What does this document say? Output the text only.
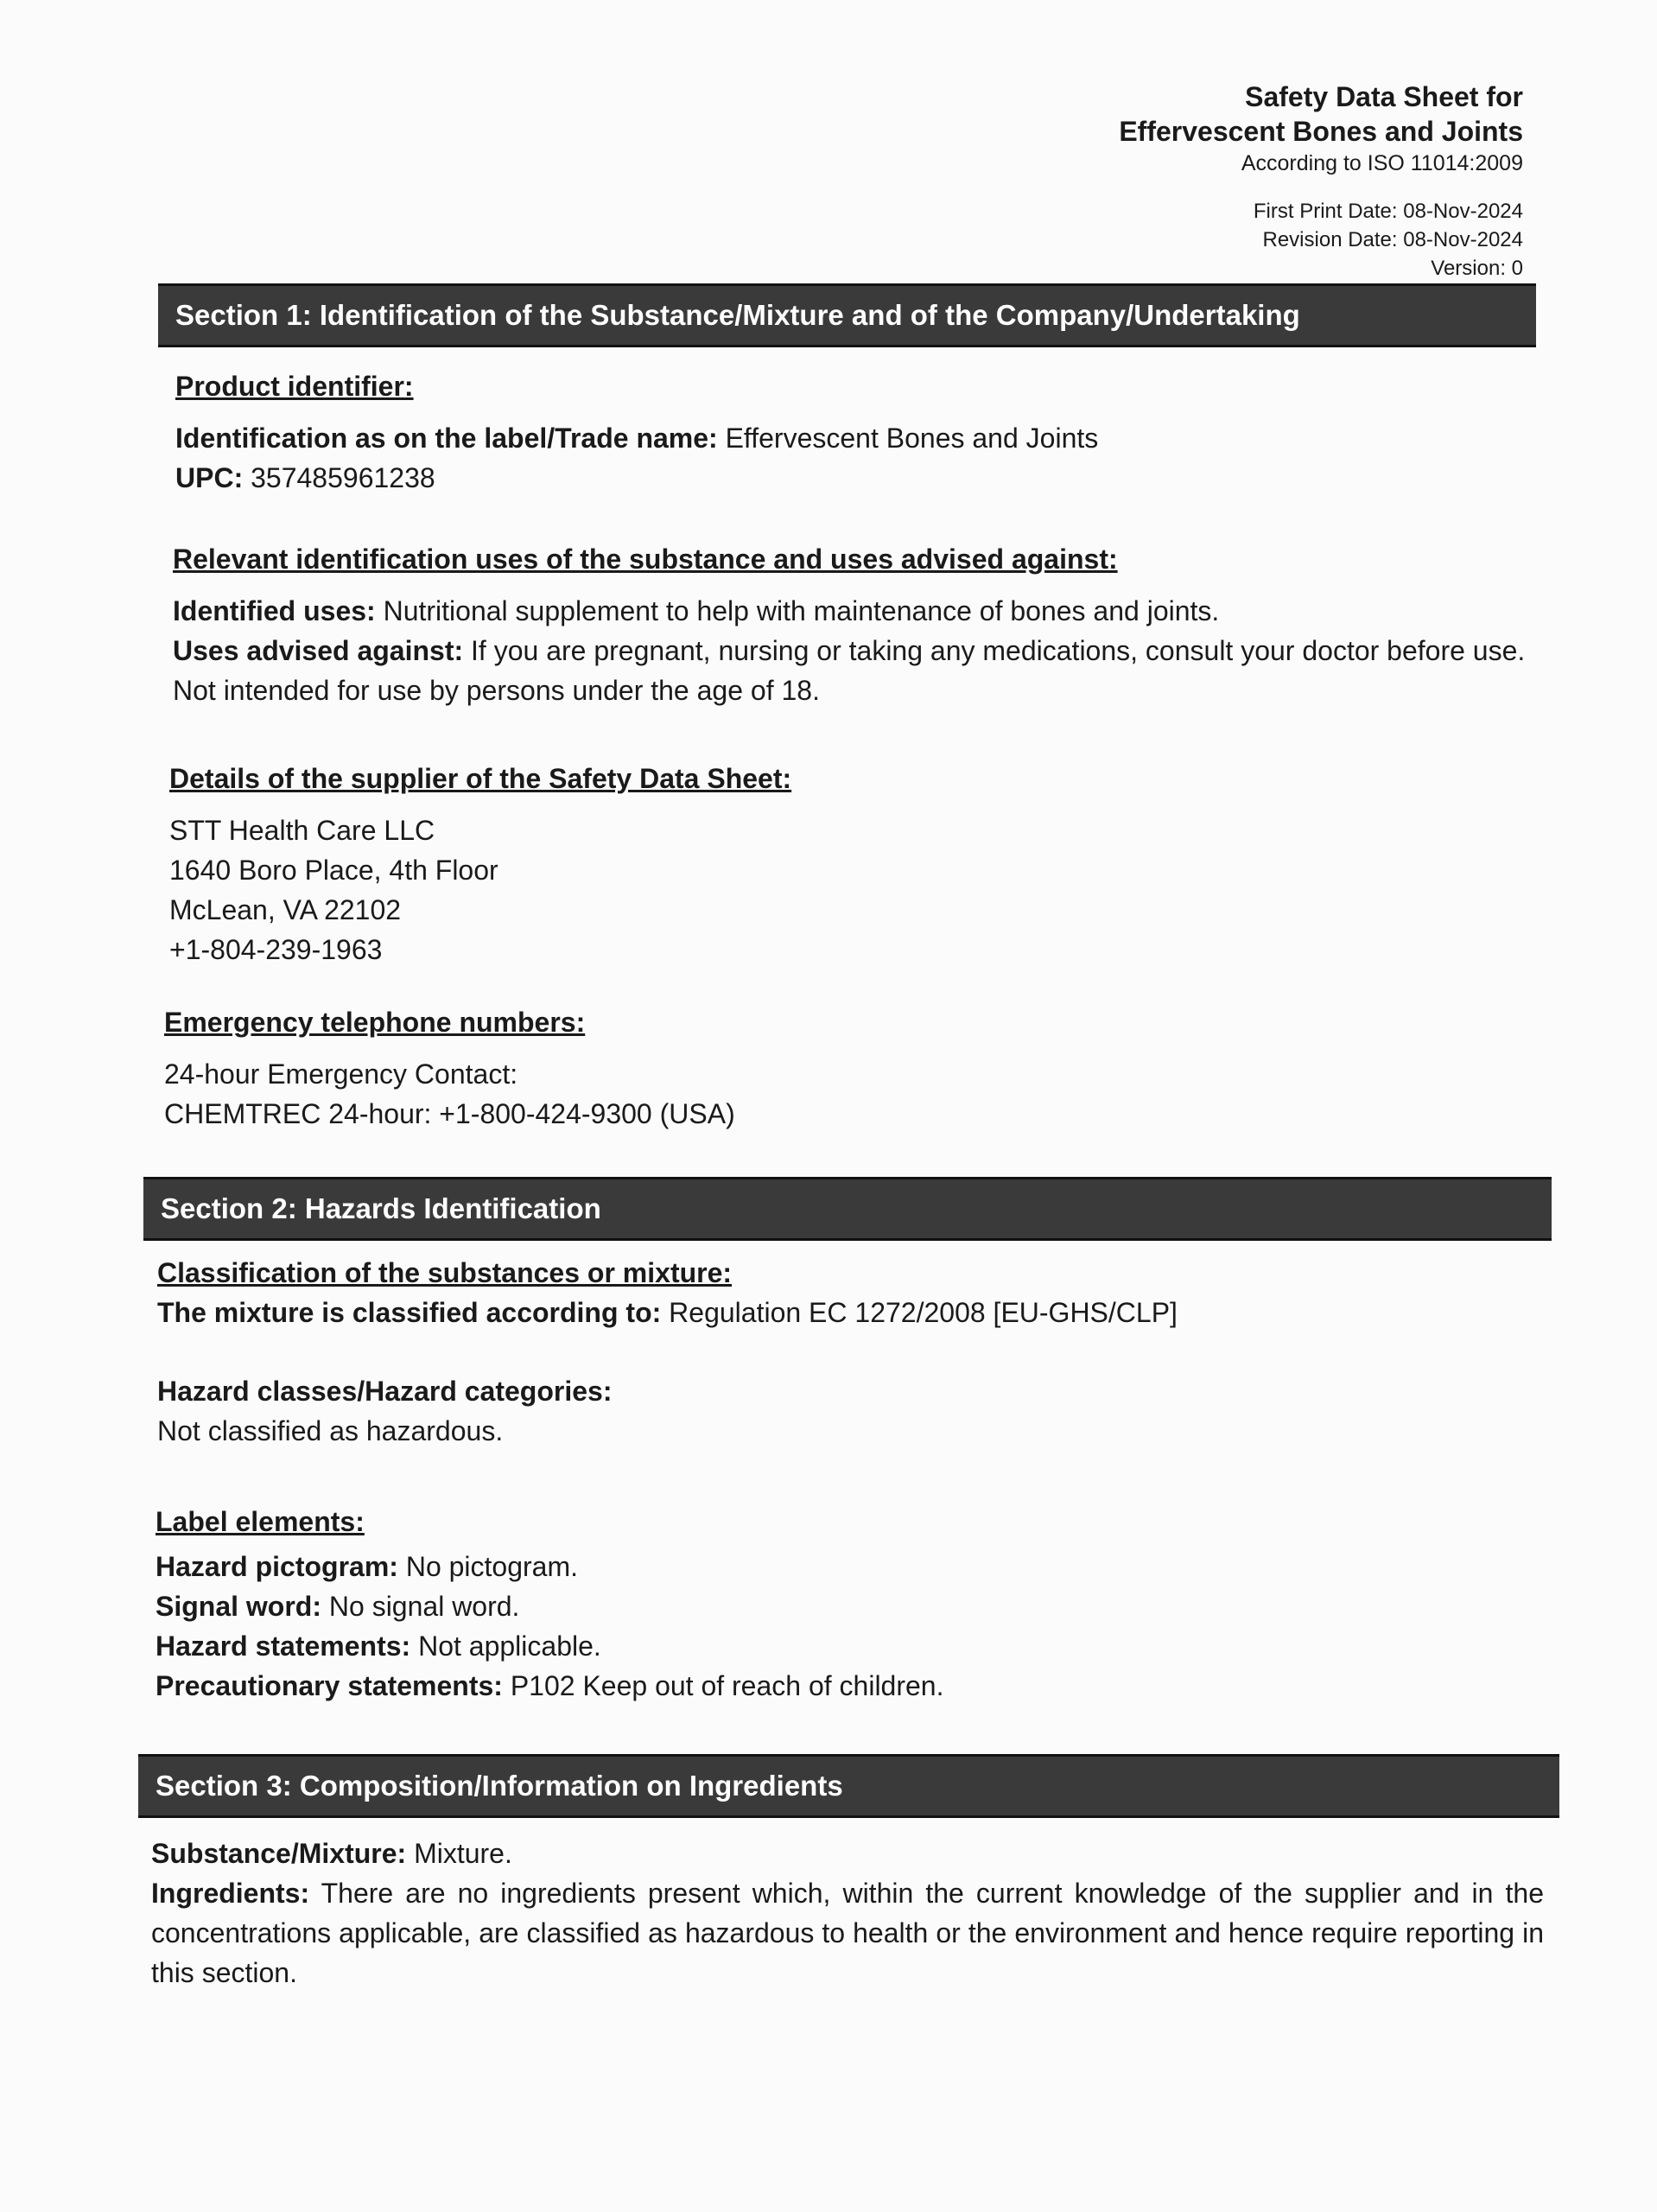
Safety Data Sheet for
Effervescent Bones and Joints
According to ISO 11014:2009
First Print Date: 08-Nov-2024
Revision Date: 08-Nov-2024
Version: 0
Section 1: Identification of the Substance/Mixture and of the Company/Undertaking
Product identifier:
Identification as on the label/Trade name: Effervescent Bones and Joints
UPC: 357485961238
Relevant identification uses of the substance and uses advised against:
Identified uses: Nutritional supplement to help with maintenance of bones and joints.
Uses advised against: If you are pregnant, nursing or taking any medications, consult your doctor before use.
Not intended for use by persons under the age of 18.
Details of the supplier of the Safety Data Sheet:
STT Health Care LLC
1640 Boro Place, 4th Floor
McLean, VA 22102
+1-804-239-1963
Emergency telephone numbers:
24-hour Emergency Contact:
CHEMTREC 24-hour: +1-800-424-9300 (USA)
Section 2: Hazards Identification
Classification of the substances or mixture:
The mixture is classified according to: Regulation EC 1272/2008 [EU-GHS/CLP]
Hazard classes/Hazard categories:
Not classified as hazardous.
Label elements:
Hazard pictogram: No pictogram.
Signal word: No signal word.
Hazard statements: Not applicable.
Precautionary statements: P102 Keep out of reach of children.
Section 3: Composition/Information on Ingredients
Substance/Mixture: Mixture.
Ingredients: There are no ingredients present which, within the current knowledge of the supplier and in the concentrations applicable, are classified as hazardous to health or the environment and hence require reporting in this section.
